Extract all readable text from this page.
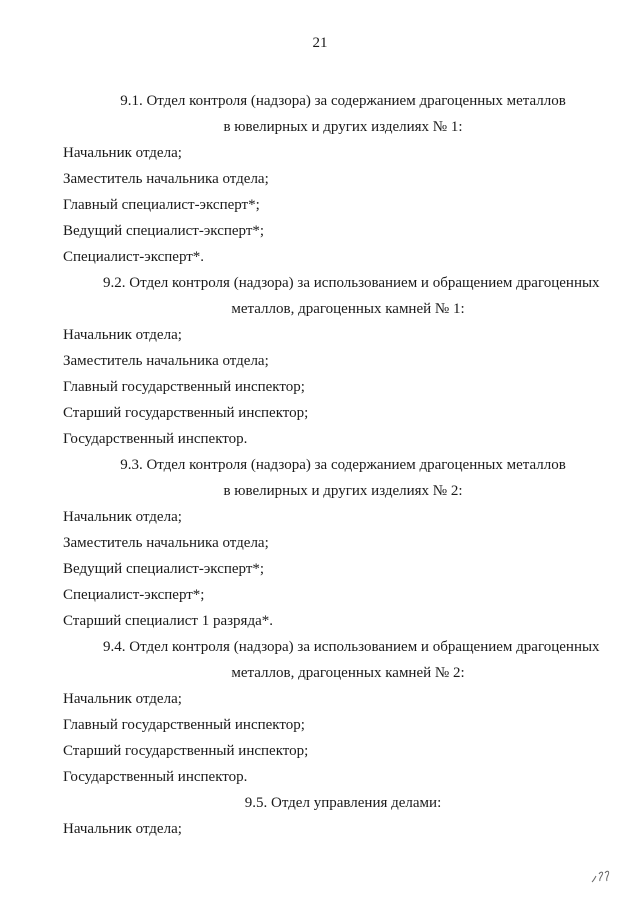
21
9.1. Отдел контроля (надзора) за содержанием драгоценных металлов
в ювелирных и других изделиях № 1:
Начальник отдела;
Заместитель начальника отдела;
Главный специалист-эксперт*;
Ведущий специалист-эксперт*;
Специалист-эксперт*.
9.2. Отдел контроля (надзора) за использованием и обращением драгоценных
металлов, драгоценных камней № 1:
Начальник отдела;
Заместитель начальника отдела;
Главный государственный инспектор;
Старший государственный инспектор;
Государственный инспектор.
9.3. Отдел контроля (надзора) за содержанием драгоценных металлов
в ювелирных и других изделиях № 2:
Начальник отдела;
Заместитель начальника отдела;
Ведущий специалист-эксперт*;
Специалист-эксперт*;
Старший специалист 1 разряда*.
9.4. Отдел контроля (надзора) за использованием и обращением драгоценных
металлов, драгоценных камней № 2:
Начальник отдела;
Главный государственный инспектор;
Старший государственный инспектор;
Государственный инспектор.
9.5. Отдел управления делами:
Начальник отдела;
